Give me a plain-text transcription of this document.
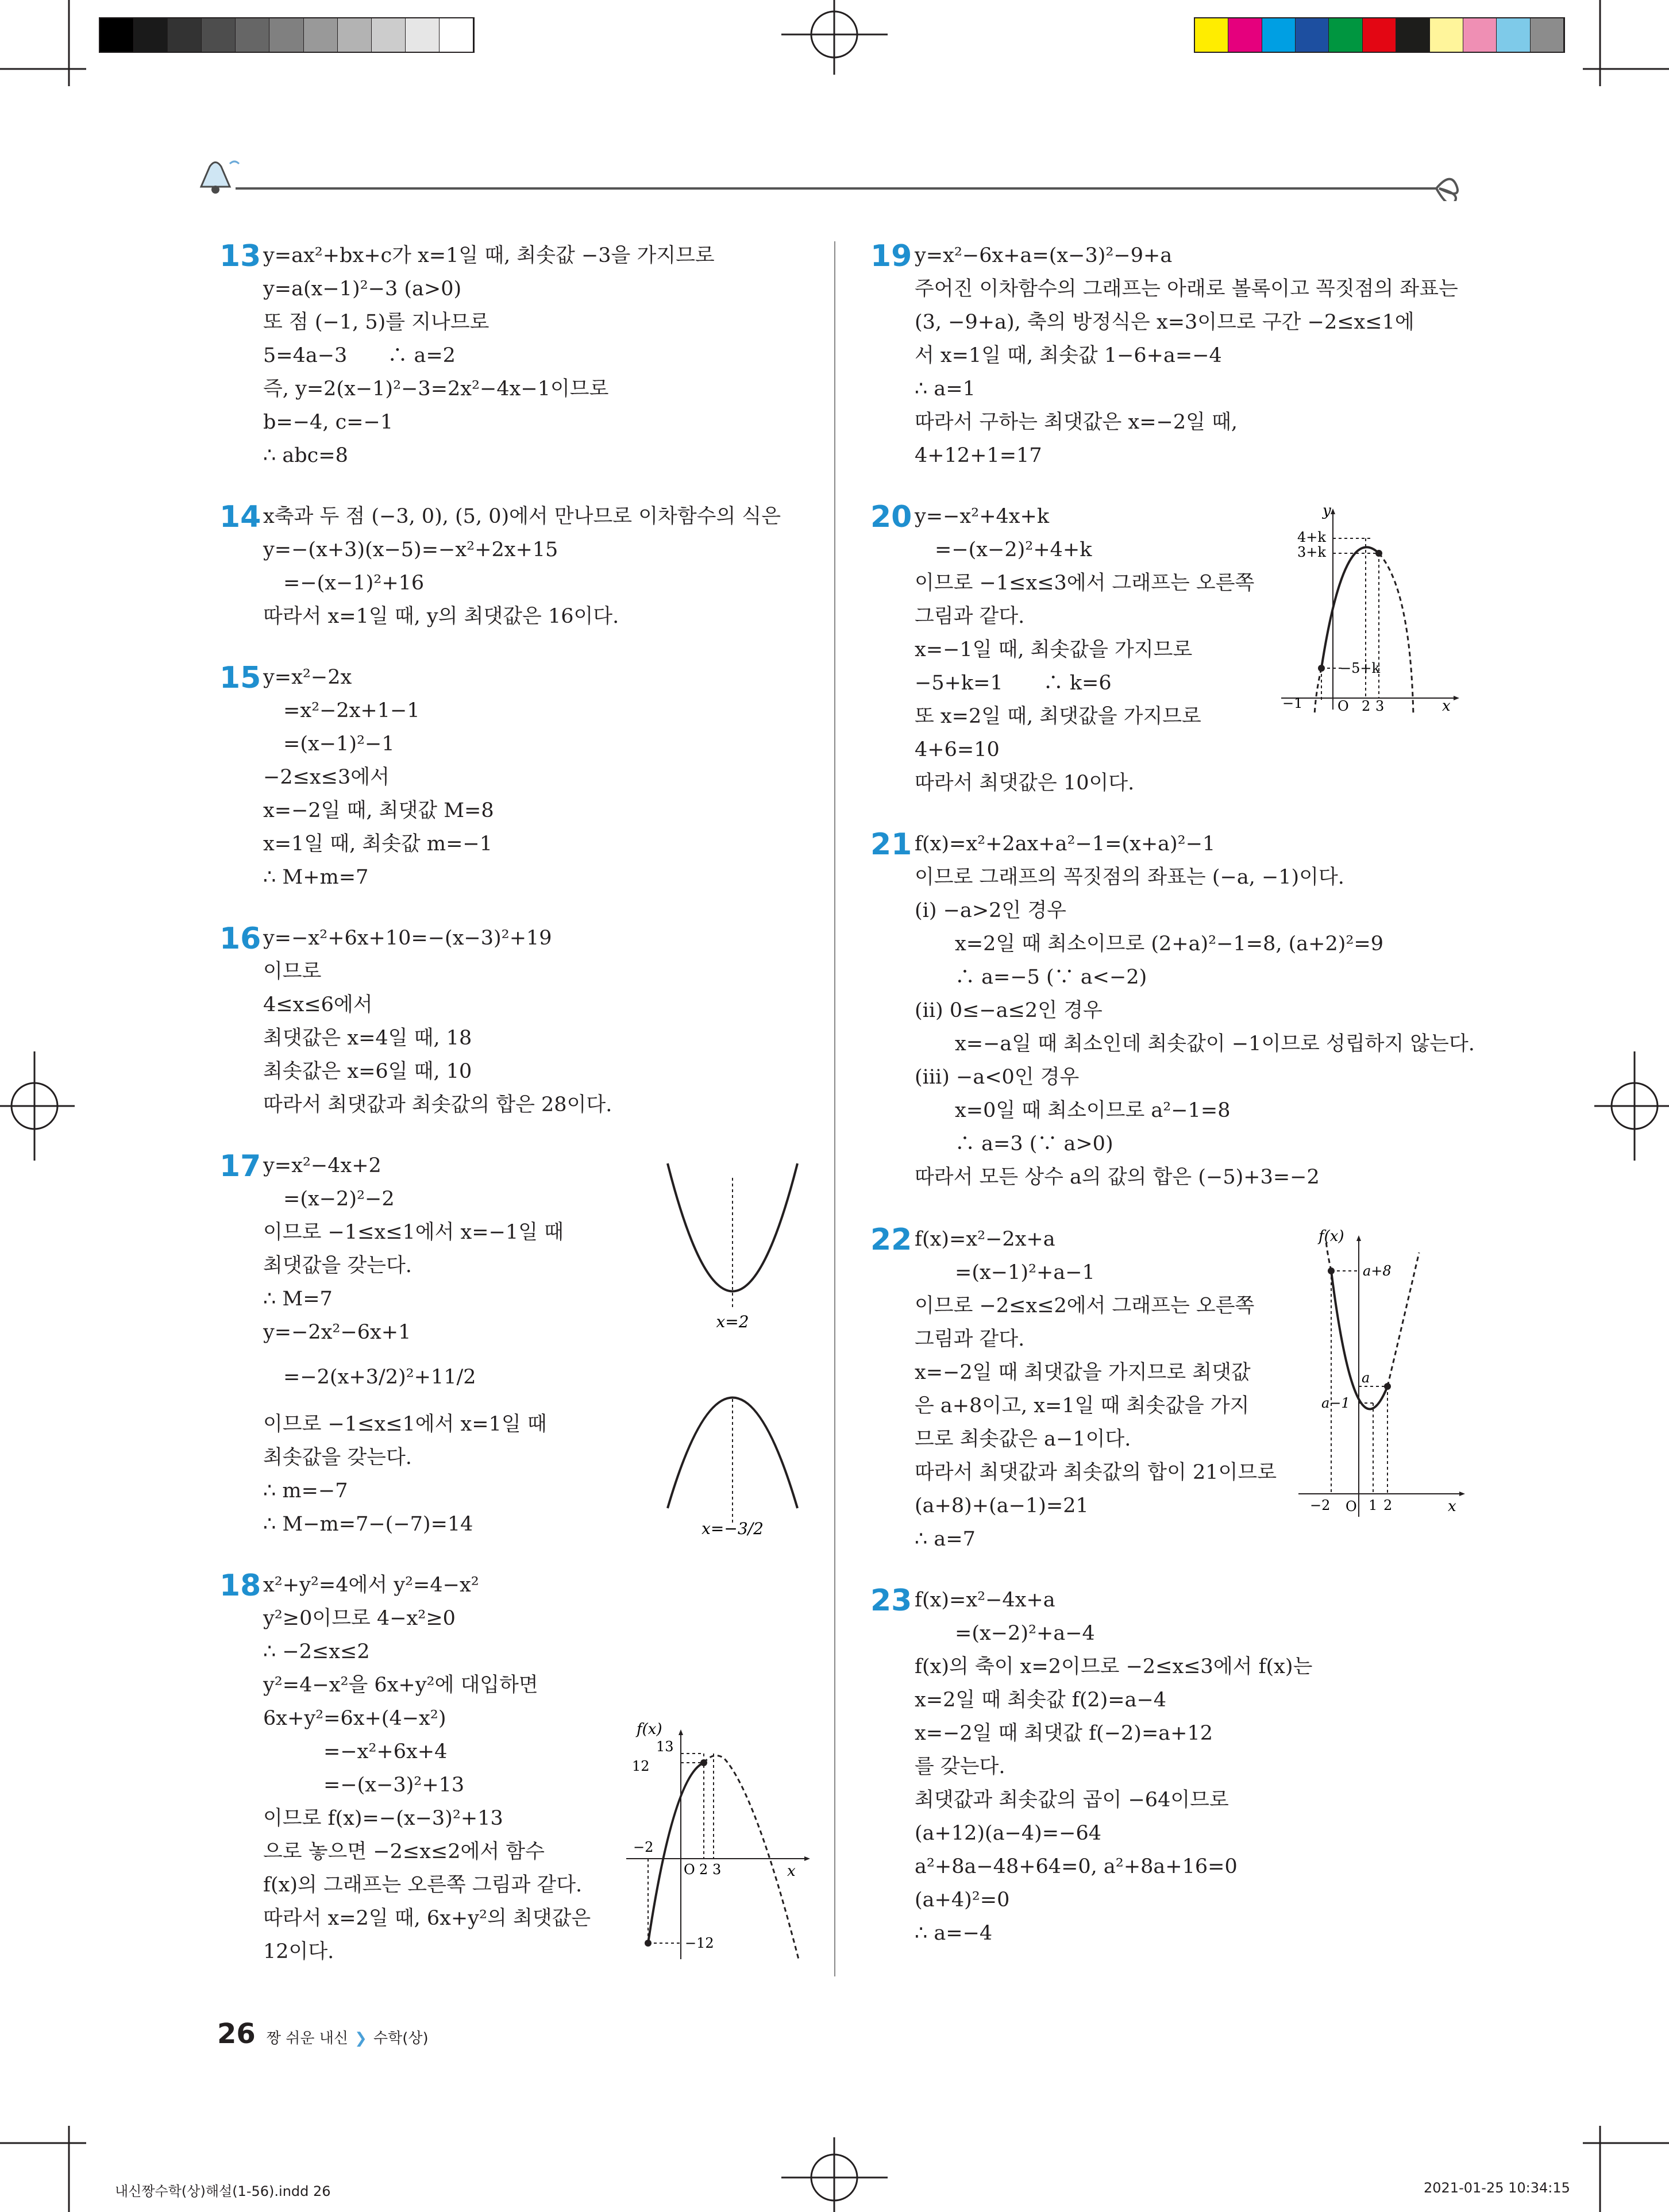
13 y=ax²+bx+c가 x=1일 때, 최솟값 −3을 가지므로
y=a(x−1)²−3 (a>0)
또 점 (−1, 5)를 지나므로
5=4a−3　　∴ a=2
즉, y=2(x−1)²−3=2x²−4x−1이므로
b=−4, c=−1
∴ abc=8
14 x축과 두 점 (−3, 0), (5, 0)에서 만나므로 이차함수의 식은
y=−(x+3)(x−5)=−x²+2x+15
　=−(x−1)²+16
따라서 x=1일 때, y의 최댓값은 16이다.
15 y=x²−2x
　=x²−2x+1−1
　=(x−1)²−1
−2≤x≤3에서
x=−2일 때, 최댓값 M=8
x=1일 때, 최솟값 m=−1
∴ M+m=7
16 y=−x²+6x+10=−(x−3)²+19
이므로
4≤x≤6에서
최댓값은 x=4일 때, 18
최솟값은 x=6일 때, 10
따라서 최댓값과 최솟값의 합은 28이다.
17 y=x²−4x+2
　=(x−2)²−2
이므로 −1≤x≤1에서 x=−1일 때
최댓값을 갖는다.
∴ M=7
y=−2x²−6x+1
　=−2(x+3/2)²+11/2
이므로 −1≤x≤1에서 x=1일 때
최솟값을 갖는다.
∴ m=−7
∴ M−m=7−(−7)=14
18 x²+y²=4에서 y²=4−x²
y²≥0이므로 4−x²≥0
∴ −2≤x≤2
y²=4−x²을 6x+y²에 대입하면
6x+y²=6x+(4−x²)
　　　=−x²+6x+4
　　　=−(x−3)²+13
이므로 f(x)=−(x−3)²+13
으로 놓으면 −2≤x≤2에서 함수
f(x)의 그래프는 오른쪽 그림과 같다.
따라서 x=2일 때, 6x+y²의 최댓값은
12이다.
19 y=x²−6x+a=(x−3)²−9+a
주어진 이차함수의 그래프는 아래로 볼록이고 꼭짓점의 좌표는
(3, −9+a), 축의 방정식은 x=3이므로 구간 −2≤x≤1에
서 x=1일 때, 최솟값 1−6+a=−4
∴ a=1
따라서 구하는 최댓값은 x=−2일 때,
4+12+1=17
20 y=−x²+4x+k
　=−(x−2)²+4+k
이므로 −1≤x≤3에서 그래프는 오른쪽
그림과 같다.
x=−1일 때, 최솟값을 가지므로
−5+k=1　　∴ k=6
또 x=2일 때, 최댓값을 가지므로
4+6=10
따라서 최댓값은 10이다.
21 f(x)=x²+2ax+a²−1=(x+a)²−1
이므로 그래프의 꼭짓점의 좌표는 (−a, −1)이다.
(i) −a>2인 경우
　　x=2일 때 최소이므로 (2+a)²−1=8, (a+2)²=9
　　∴ a=−5 (∵ a<−2)
(ii) 0≤−a≤2인 경우
　　x=−a일 때 최소인데 최솟값이 −1이므로 성립하지 않는다.
(iii) −a<0인 경우
　　x=0일 때 최소이므로 a²−1=8
　　∴ a=3 (∵ a>0)
따라서 모든 상수 a의 값의 합은 (−5)+3=−2
22 f(x)=x²−2x+a
　　=(x−1)²+a−1
이므로 −2≤x≤2에서 그래프는 오른쪽
그림과 같다.
x=−2일 때 최댓값을 가지므로 최댓값
은 a+8이고, x=1일 때 최솟값을 가지
므로 최솟값은 a−1이다.
따라서 최댓값과 최솟값의 합이 21이므로
(a+8)+(a−1)=21
∴ a=7
23 f(x)=x²−4x+a
　　=(x−2)²+a−4
f(x)의 축이 x=2이므로 −2≤x≤3에서 f(x)는
x=2일 때 최솟값 f(2)=a−4
x=−2일 때 최댓값 f(−2)=a+12
를 갖는다.
최댓값과 최솟값의 곱이 −64이므로
(a+12)(a−4)=−64
a²+8a−48+64=0, a²+8a+16=0
(a+4)²=0
∴ a=−4
x=2
x=−3/2
f(x)
13
12
−2
O 2 3	x
−12
y
4+k
3+k
−5+k
−1	O 2 3	x
f(x)
a+8
a
a−1
−2 O 1 2	x
26 짱 쉬운 내신 ❯ 수학(상)
내신짱수학(상)해설(1-56).indd 26	2021-01-25 10:34:15
